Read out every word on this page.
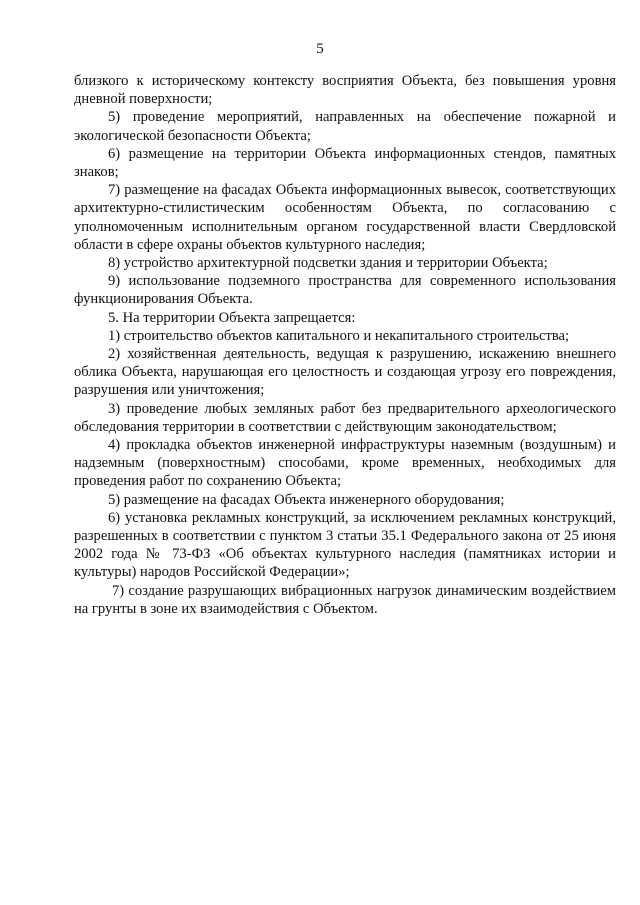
5

близкого к историческому контексту восприятия Объекта, без повышения уровня дневной поверхности;

5) проведение мероприятий, направленных на обеспечение пожарной и экологической безопасности Объекта;

6) размещение на территории Объекта информационных стендов, памятных знаков;

7) размещение на фасадах Объекта информационных вывесок, соответствующих архитектурно-стилистическим особенностям Объекта, по согласованию с уполномоченным исполнительным органом государственной власти Свердловской области в сфере охраны объектов культурного наследия;

8) устройство архитектурной подсветки здания и территории Объекта;

9) использование подземного пространства для современного использования функционирования Объекта.

5. На территории Объекта запрещается:

1) строительство объектов капитального и некапитального строительства;

2) хозяйственная деятельность, ведущая к разрушению, искажению внешнего облика Объекта, нарушающая его целостность и создающая угрозу его повреждения, разрушения или уничтожения;

3) проведение любых земляных работ без предварительного археологического обследования территории в соответствии с действующим законодательством;

4) прокладка объектов инженерной инфраструктуры наземным (воздушным) и надземным (поверхностным) способами, кроме временных, необходимых для проведения работ по сохранению Объекта;

5) размещение на фасадах Объекта инженерного оборудования;

6) установка рекламных конструкций, за исключением рекламных конструкций, разрешенных в соответствии с пунктом 3 статьи 35.1 Федерального закона от 25 июня 2002 года № 73-ФЗ «Об объектах культурного наследия (памятниках истории и культуры) народов Российской Федерации»;

7) создание разрушающих вибрационных нагрузок динамическим воздействием на грунты в зоне их взаимодействия с Объектом.
